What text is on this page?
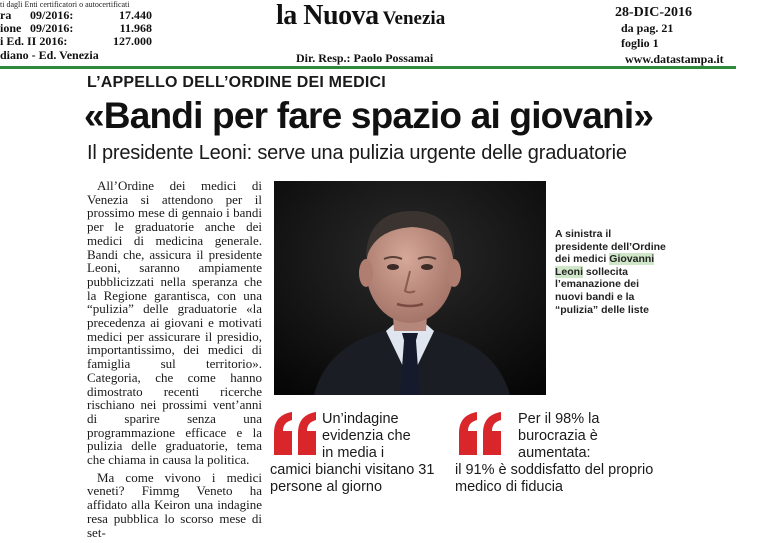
ti dagli Enti certificatori o autocertificati
ra	09/2016:	17.440
ione 09/2016:	11.968
i Ed. II 2016:	127.000
diano - Ed. Venezia
la Nuova Venezia
Dir. Resp.: Paolo Possamai
28-DIC-2016
da pag. 21
foglio 1
www.datastampa.it
L’APPELLO DELL’ORDINE DEI MEDICI
«Bandi per fare spazio ai giovani»
Il presidente Leoni: serve una pulizia urgente delle graduatorie

All’Ordine dei medici di Venezia si attendono per il prossimo mese di gennaio i bandi per le graduatorie anche dei medici di medicina generale. Bandi che, assicura il presidente Leoni, saranno ampiamente pubblicizzati nella speranza che la Regione garantisca, con una “pulizia” delle graduatorie «la precedenza ai giovani e motivati medici per assicurare il presidio, importantissimo, dei medici di famiglia sul territorio». Categoria, che come hanno dimostrato recenti ricerche rischiano nei prossimi vent’anni di sparire senza una programmazione efficace e la pulizia delle graduatorie, tema che chiama in causa la politica.

Ma come vivono i medici veneti? Fimmg Veneto ha affidato alla Keiron una indagine resa pubblica lo scorso mese di set-

A sinistra il presidente dell’Ordine dei medici Giovanni Leoni sollecita l’emanazione dei nuovi bandi e la “pulizia” delle liste
Un’indagine evidenzia che in media i
camici bianchi visitano 31 persone al giorno
Per il 98% la burocrazia è aumentata:
il 91% è soddisfatto del proprio medico di fiducia
